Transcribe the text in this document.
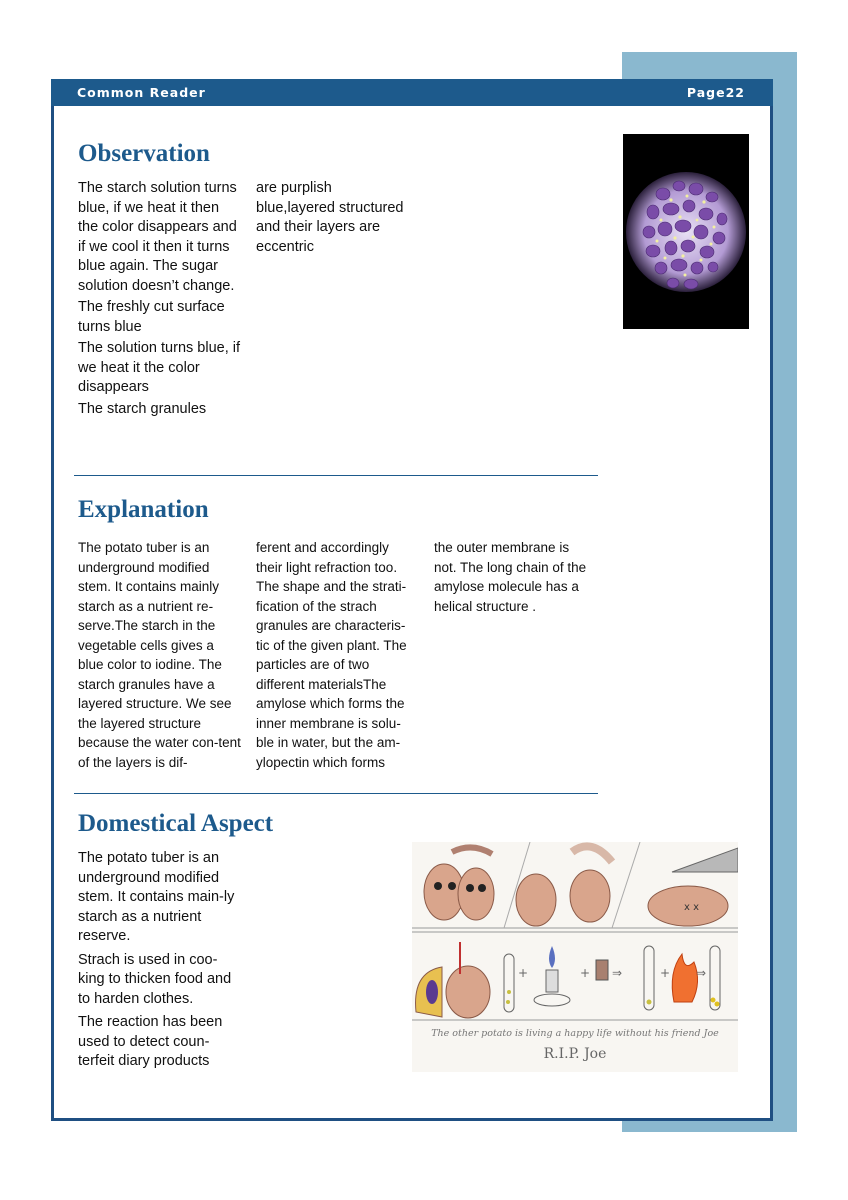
Common Reader	Page22
Observation

The starch solution turns blue, if we heat it then the color disappears and if we cool it then it turns blue again. The sugar solution doesn’t change.

The freshly cut surface turns blue

The solution turns blue, if we heat it the color disappears

The starch granules

are purplish blue,layered structured and their layers are eccentric

Explanation
The potato tuber is an underground modified stem. It contains mainly starch as a nutrient re-serve.The starch in the vegetable cells gives a blue color to iodine. The starch granules have a layered structure. We see the layered structure because the water con-tent of the layers is dif-
ferent and accordingly their light refraction too. The shape and the strati-fication of the strach granules are characteris-tic of the given plant. The particles are of two different materialsThe amylose which forms the inner membrane is solu-ble in water, but the am-ylopectin which forms
the outer membrane is not. The long chain of the amylose molecule has a helical structure .
Domestical Aspect

The potato tuber is an underground modified stem. It contains main-ly starch as a nutrient reserve.

Strach is used in coo-king to thicken food and to harden clothes.

The reaction has been used to detect coun-terfeit diary products

x x
+	+ ⇒	+ ⇒
The other potato is living a happy life without his friend Joe
R.I.P. Joe
